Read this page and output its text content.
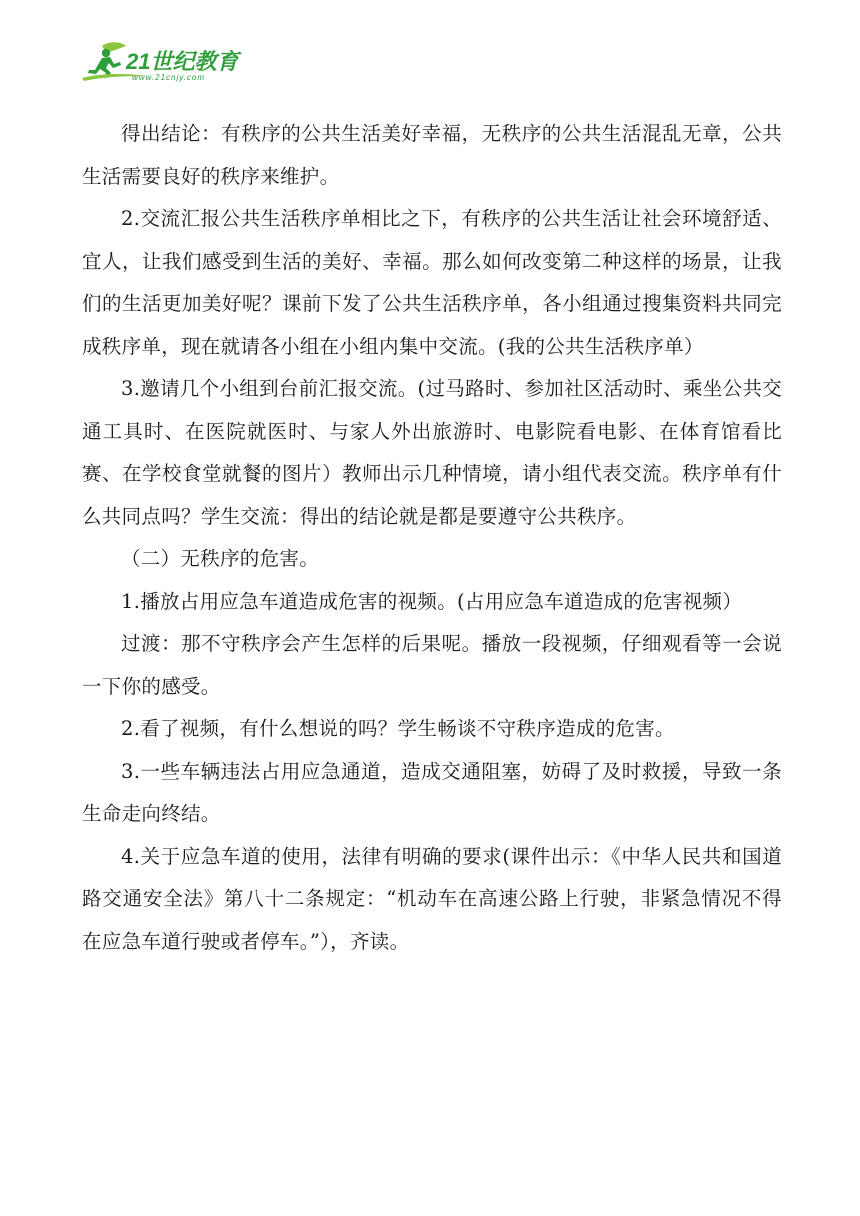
21世纪教育
www.21cnjy.com

得出结论：有秩序的公共生活美好幸福，无秩序的公共生活混乱无章，公共生活需要良好的秩序来维护。

2.交流汇报公共生活秩序单相比之下，有秩序的公共生活让社会环境舒适、宜人，让我们感受到生活的美好、幸福。那么如何改变第二种这样的场景，让我们的生活更加美好呢？课前下发了公共生活秩序单，各小组通过搜集资料共同完成秩序单，现在就请各小组在小组内集中交流。(我的公共生活秩序单）

3.邀请几个小组到台前汇报交流。(过马路时、参加社区活动时、乘坐公共交通工具时、在医院就医时、与家人外出旅游时、电影院看电影、在体育馆看比赛、在学校食堂就餐的图片）教师出示几种情境，请小组代表交流。秩序单有什么共同点吗？学生交流：得出的结论就是都是要遵守公共秩序。

（二）无秩序的危害。

1.播放占用应急车道造成危害的视频。(占用应急车道造成的危害视频）

过渡：那不守秩序会产生怎样的后果呢。播放一段视频，仔细观看等一会说一下你的感受。

2.看了视频，有什么想说的吗？学生畅谈不守秩序造成的危害。

3.一些车辆违法占用应急通道，造成交通阻塞，妨碍了及时救援，导致一条生命走向终结。

4.关于应急车道的使用，法律有明确的要求(课件出示：《中华人民共和国道路交通安全法》第八十二条规定：“机动车在高速公路上行驶，非紧急情况不得在应急车道行驶或者停车。”），齐读。
